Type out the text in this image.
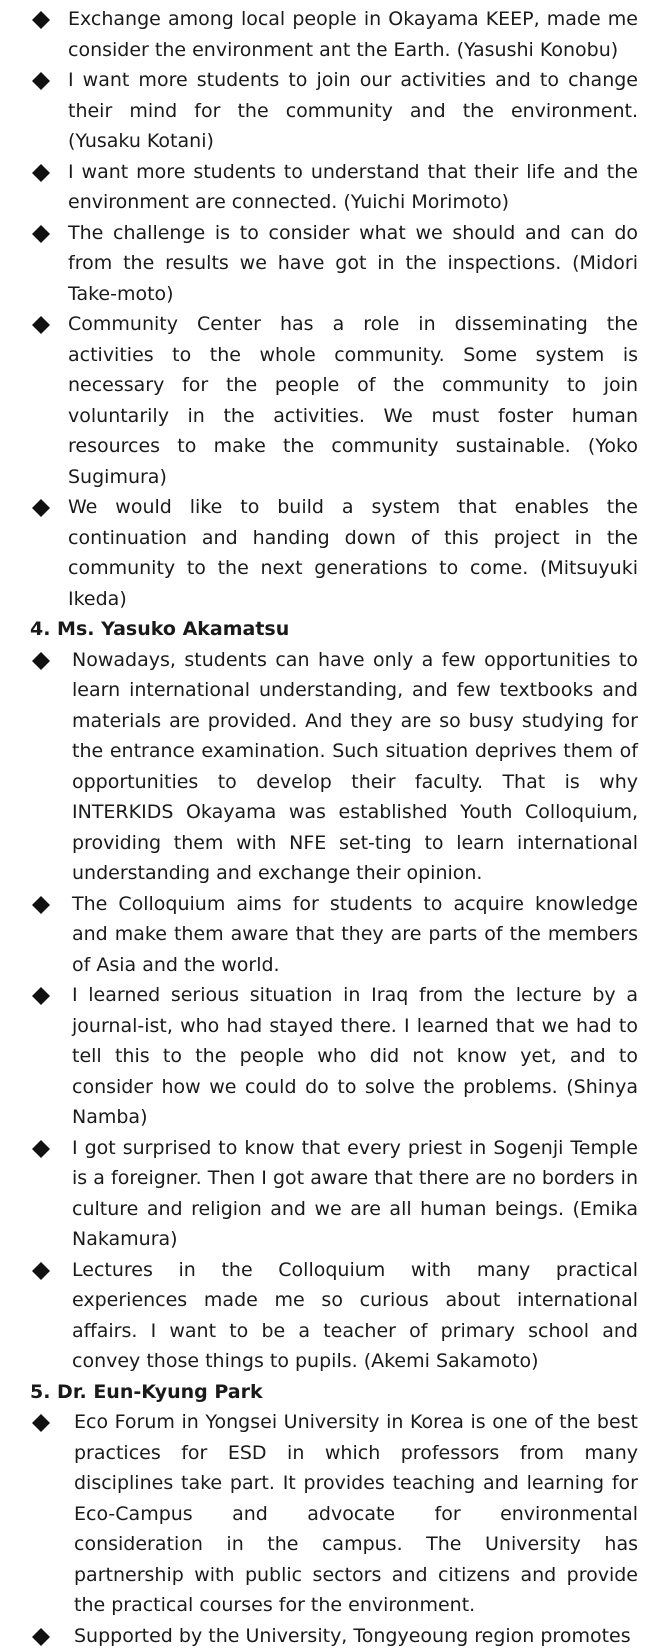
Exchange among local people in Okayama KEEP, made me consider the environment ant the Earth. (Yasushi Konobu)
I want more students to join our activities and to change their mind for the community and the environment. (Yusaku Kotani)
I want more students to understand that their life and the environment are connected. (Yuichi Morimoto)
The challenge is to consider what we should and can do from the results we have got in the inspections. (Midori Take-moto)
Community Center has a role in disseminating the activities to the whole community. Some system is necessary for the people of the community to join voluntarily in the activities. We must foster human resources to make the community sustainable. (Yoko Sugimura)
We would like to build a system that enables the continuation and handing down of this project in the community to the next generations to come. (Mitsuyuki Ikeda)
4. Ms. Yasuko Akamatsu
Nowadays, students can have only a few opportunities to learn international understanding, and few textbooks and materials are provided. And they are so busy studying for the entrance examination. Such situation deprives them of opportunities to develop their faculty. That is why INTERKIDS Okayama was established Youth Colloquium, providing them with NFE set-ting to learn international understanding and exchange their opinion.
The Colloquium aims for students to acquire knowledge and make them aware that they are parts of the members of Asia and the world.
I learned serious situation in Iraq from the lecture by a journal-ist, who had stayed there. I learned that we had to tell this to the people who did not know yet, and to consider how we could do to solve the problems. (Shinya Namba)
I got surprised to know that every priest in Sogenji Temple is a foreigner. Then I got aware that there are no borders in culture and religion and we are all human beings. (Emika Nakamura)
Lectures in the Colloquium with many practical experiences made me so curious about international affairs. I want to be a teacher of primary school and convey those things to pupils. (Akemi Sakamoto)
5. Dr. Eun-Kyung Park
Eco Forum in Yongsei University in Korea is one of the best practices for ESD in which professors from many disciplines take part. It provides teaching and learning for Eco-Campus and advocate for environmental consideration in the campus. The University has partnership with public sectors and citizens and provide the practical courses for the environment.
Supported by the University, Tongyeoung region promotes
